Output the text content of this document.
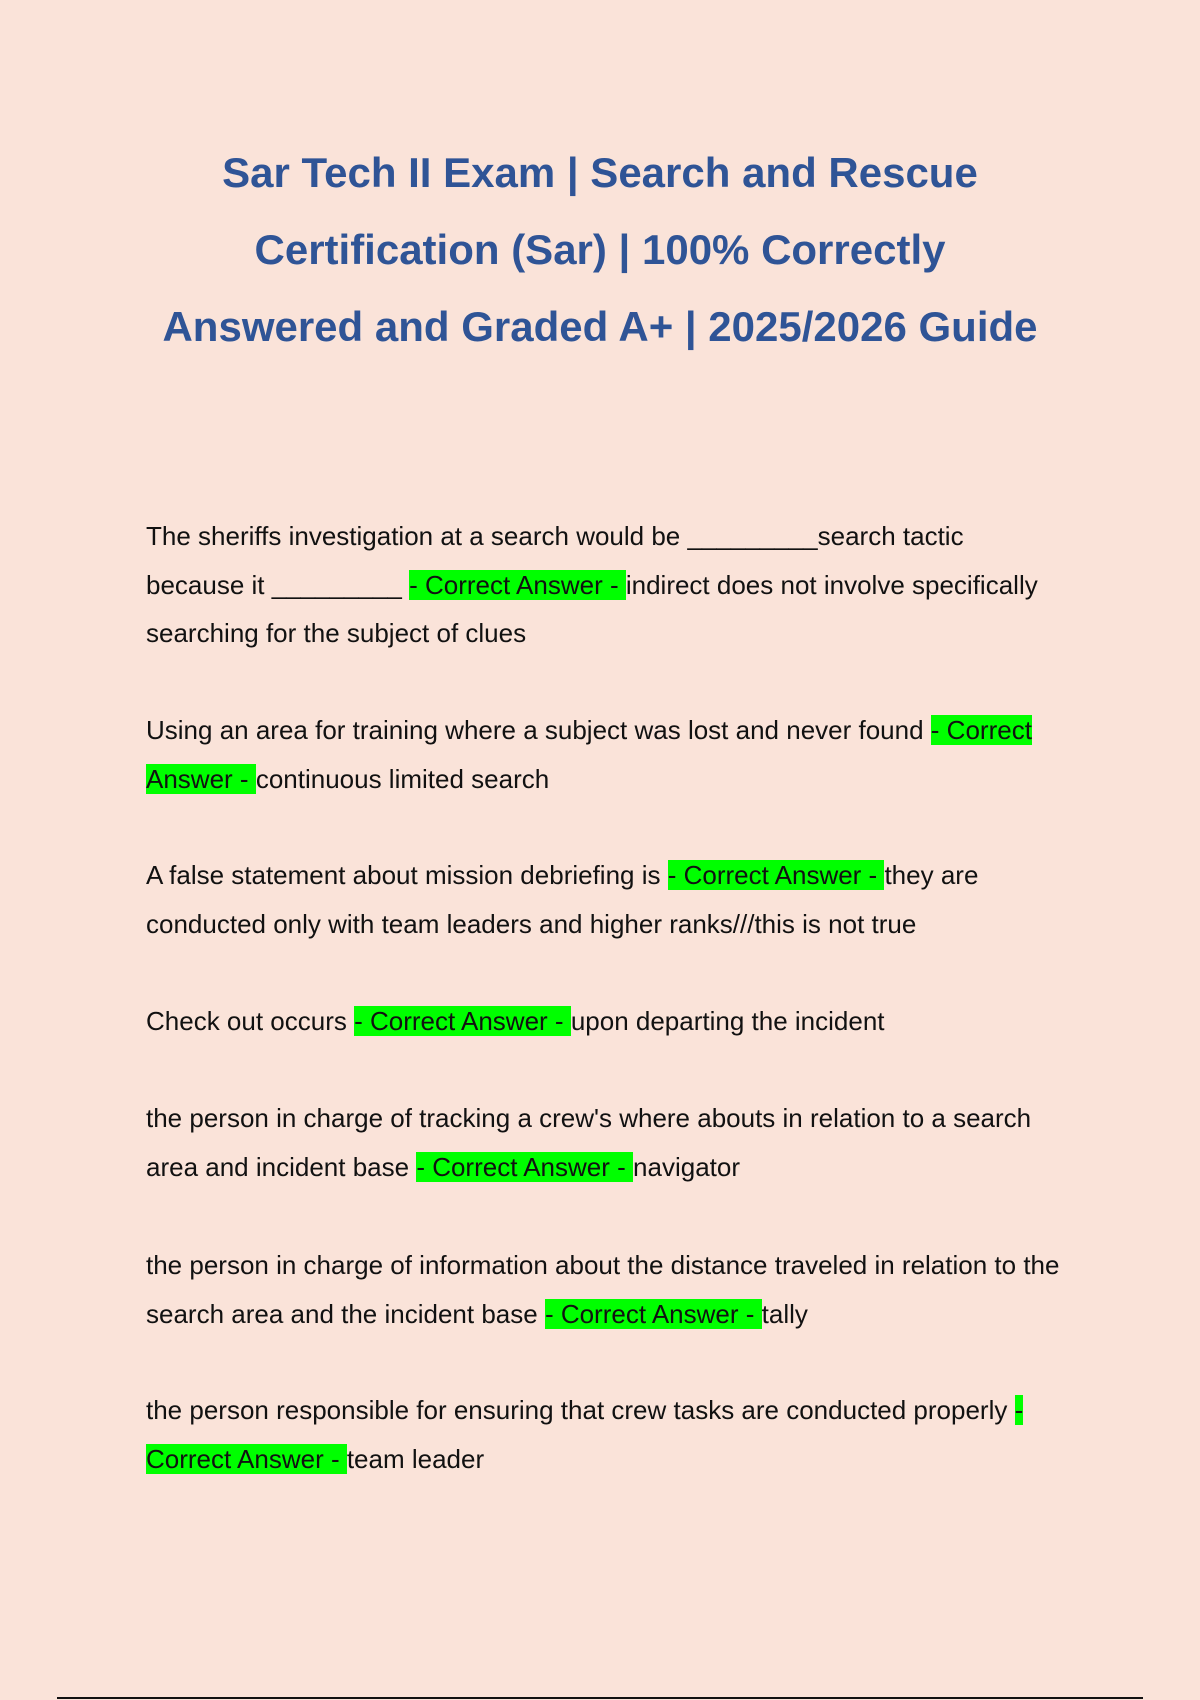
Sar Tech II Exam | Search and Rescue Certification (Sar) | 100% Correctly Answered and Graded A+ | 2025/2026 Guide

The sheriffs investigation at a search would be _________search tactic because it _________ - Correct Answer - indirect does not involve specifically searching for the subject of clues

Using an area for training where a subject was lost and never found - Correct Answer - continuous limited search

A false statement about mission debriefing is - Correct Answer - they are conducted only with team leaders and higher ranks///this is not true

Check out occurs - Correct Answer - upon departing the incident

the person in charge of tracking a crew's where abouts in relation to a search area and incident base - Correct Answer - navigator

the person in charge of information about the distance traveled in relation to the search area and the incident base - Correct Answer - tally

the person responsible for ensuring that crew tasks are conducted properly - Correct Answer - team leader
